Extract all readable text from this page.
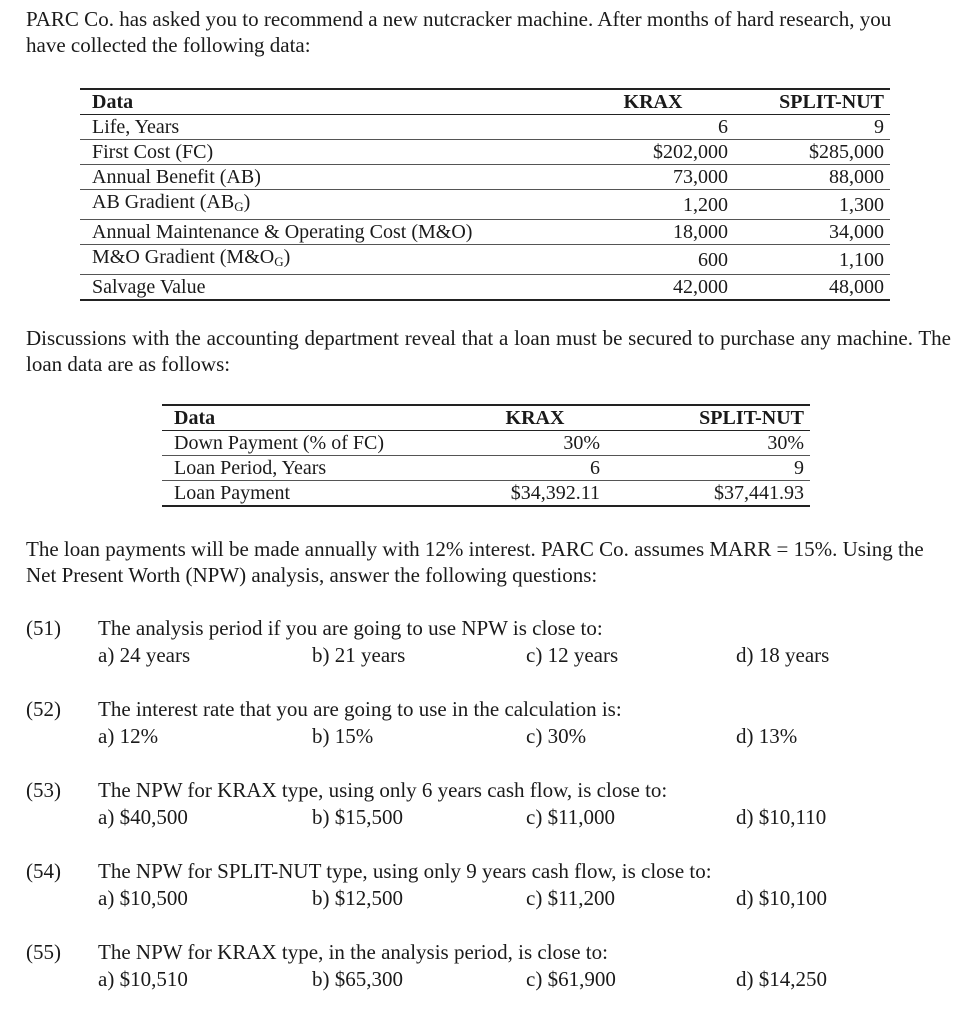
PARC Co. has asked you to recommend a new nutcracker machine. After months of hard research, you have collected the following data:

Data	KRAX	SPLIT-NUT
Life, Years	6	9
First Cost (FC)	$202,000	$285,000
Annual Benefit (AB)	73,000	88,000
AB Gradient $(AB_G)$	1,200	1,300
Annual Maintenance & Operating Cost (M&O)	18,000	34,000
M&O Gradient $(M\&O_G)$	600	1,100
Salvage Value	42,000	48,000

Discussions with the accounting department reveal that a loan must be secured to purchase any machine. The loan data are as follows:

Data	KRAX	SPLIT-NUT
Down Payment (% of FC)	30%	30%
Loan Period, Years	6	9
Loan Payment	$34,392.11	$37,441.93

The loan payments will be made annually with 12% interest. PARC Co. assumes MARR = 15%. Using the Net Present Worth (NPW) analysis, answer the following questions:

(51) The analysis period if you are going to use NPW is close to:
a) 24 years	b) 21 years	c) 12 years	d) 18 years
(52) The interest rate that you are going to use in the calculation is:
a) 12%	b) 15%	c) 30%	d) 13%
(53) The NPW for KRAX type, using only 6 years cash flow, is close to:
a) $40,500	b) $15,500	c) $11,000	d) $10,110
(54) The NPW for SPLIT-NUT type, using only 9 years cash flow, is close to:
a) $10,500	b) $12,500	c) $11,200	d) $10,100
(55) The NPW for KRAX type, in the analysis period, is close to:
a) $10,510	b) $65,300	c) $61,900	d) $14,250
